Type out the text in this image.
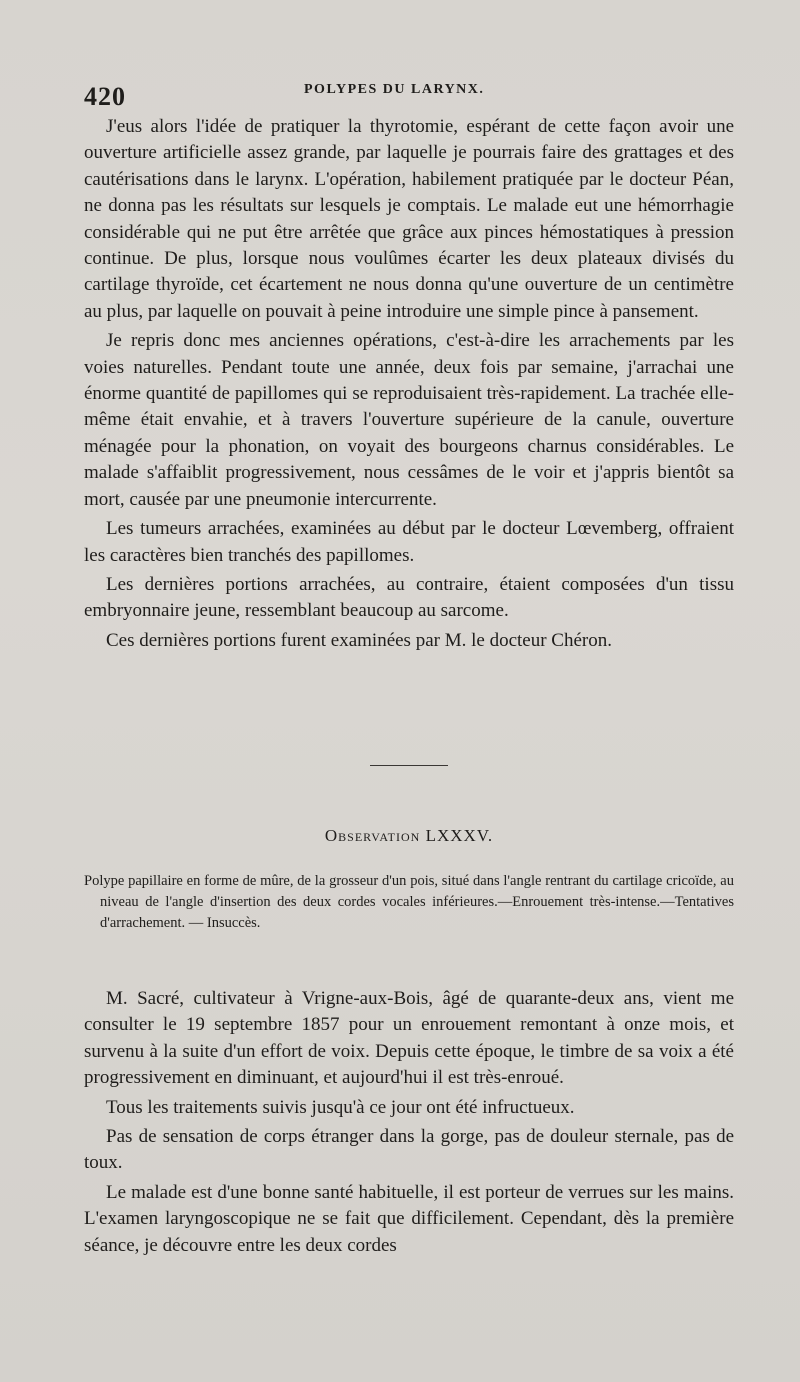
420	POLYPES DU LARYNX.

J'eus alors l'idée de pratiquer la thyrotomie, espérant de cette façon avoir une ouverture artificielle assez grande, par laquelle je pourrais faire des grattages et des cautérisations dans le larynx. L'opération, habilement pratiquée par le docteur Péan, ne donna pas les résultats sur lesquels je comptais. Le malade eut une hémorrhagie considérable qui ne put être arrêtée que grâce aux pinces hémostatiques à pression continue. De plus, lorsque nous voulûmes écarter les deux plateaux divisés du cartilage thyroïde, cet écartement ne nous donna qu'une ouverture de un centimètre au plus, par laquelle on pouvait à peine introduire une simple pince à pansement.

Je repris donc mes anciennes opérations, c'est-à-dire les arrachements par les voies naturelles. Pendant toute une année, deux fois par semaine, j'arrachai une énorme quantité de papillomes qui se reproduisaient très-rapidement. La trachée elle-même était envahie, et à travers l'ouverture supérieure de la canule, ouverture ménagée pour la phonation, on voyait des bourgeons charnus considérables. Le malade s'affaiblit progressivement, nous cessâmes de le voir et j'appris bientôt sa mort, causée par une pneumonie intercurrente.

Les tumeurs arrachées, examinées au début par le docteur Lœvemberg, offraient les caractères bien tranchés des papillomes.

Les dernières portions arrachées, au contraire, étaient composées d'un tissu embryonnaire jeune, ressemblant beaucoup au sarcome.

Ces dernières portions furent examinées par M. le docteur Chéron.

Observation LXXXV.
Polype papillaire en forme de mûre, de la grosseur d'un pois, situé dans l'angle rentrant du cartilage cricoïde, au niveau de l'angle d'insertion des deux cordes vocales inférieures.—Enrouement très-intense.—Tentatives d'arrachement. — Insuccès.

M. Sacré, cultivateur à Vrigne-aux-Bois, âgé de quarante-deux ans, vient me consulter le 19 septembre 1857 pour un enrouement remontant à onze mois, et survenu à la suite d'un effort de voix. Depuis cette époque, le timbre de sa voix a été progressivement en diminuant, et aujourd'hui il est très-enroué.

Tous les traitements suivis jusqu'à ce jour ont été infructueux.

Pas de sensation de corps étranger dans la gorge, pas de douleur sternale, pas de toux.

Le malade est d'une bonne santé habituelle, il est porteur de verrues sur les mains. L'examen laryngoscopique ne se fait que difficilement. Cependant, dès la première séance, je découvre entre les deux cordes
